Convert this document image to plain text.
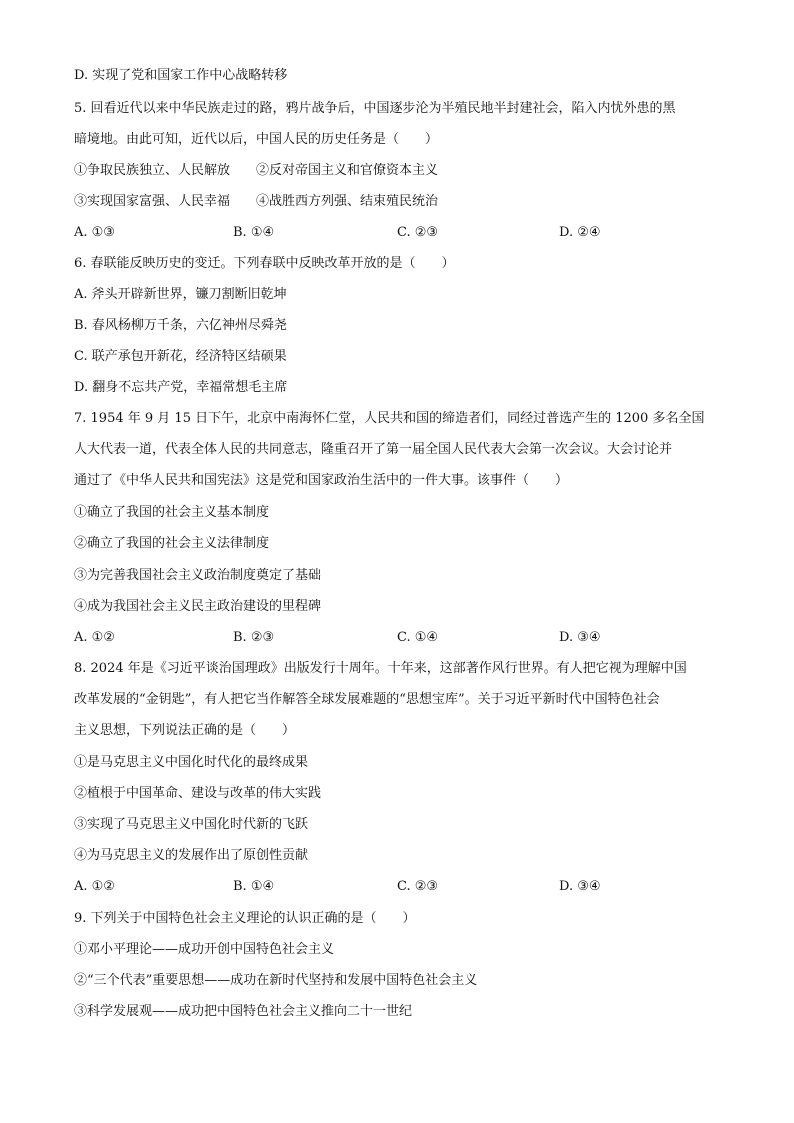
D. 实现了党和国家工作中心战略转移
5. 回看近代以来中华民族走过的路，鸦片战争后，中国逐步沦为半殖民地半封建社会，陷入内忧外患的黑
暗境地。由此可知，近代以后，中国人民的历史任务是（　　）
①争取民族独立、人民解放　　②反对帝国主义和官僚资本主义
③实现国家富强、人民幸福　　④战胜西方列强、结束殖民统治
A. ①③	B. ①④	C. ②③	D. ②④
6. 春联能反映历史的变迁。下列春联中反映改革开放的是（　　）
A. 斧头开辟新世界，镰刀割断旧乾坤
B. 春风杨柳万千条，六亿神州尽舜尧
C. 联产承包开新花，经济特区结硕果
D. 翻身不忘共产党，幸福常想毛主席
7. 1954 年 9 月 15 日下午，北京中南海怀仁堂，人民共和国的缔造者们，同经过普选产生的 1200 多名全国
人大代表一道，代表全体人民的共同意志，隆重召开了第一届全国人民代表大会第一次会议。大会讨论并
通过了《中华人民共和国宪法》这是党和国家政治生活中的一件大事。该事件（　　）
①确立了我国的社会主义基本制度
②确立了我国的社会主义法律制度
③为完善我国社会主义政治制度奠定了基础
④成为我国社会主义民主政治建设的里程碑
A. ①②	B. ②③	C. ①④	D. ③④
8. 2024 年是《习近平谈治国理政》出版发行十周年。十年来，这部著作风行世界。有人把它视为理解中国
改革发展的“金钥匙”，有人把它当作解答全球发展难题的“思想宝库”。关于习近平新时代中国特色社会
主义思想，下列说法正确的是（　　）
①是马克思主义中国化时代化的最终成果
②植根于中国革命、建设与改革的伟大实践
③实现了马克思主义中国化时代新的飞跃
④为马克思主义的发展作出了原创性贡献
A. ①②	B. ①④	C. ②③	D. ③④
9. 下列关于中国特色社会主义理论的认识正确的是（　　）
①邓小平理论——成功开创中国特色社会主义
②“三个代表”重要思想——成功在新时代坚持和发展中国特色社会主义
③科学发展观——成功把中国特色社会主义推向二十一世纪
